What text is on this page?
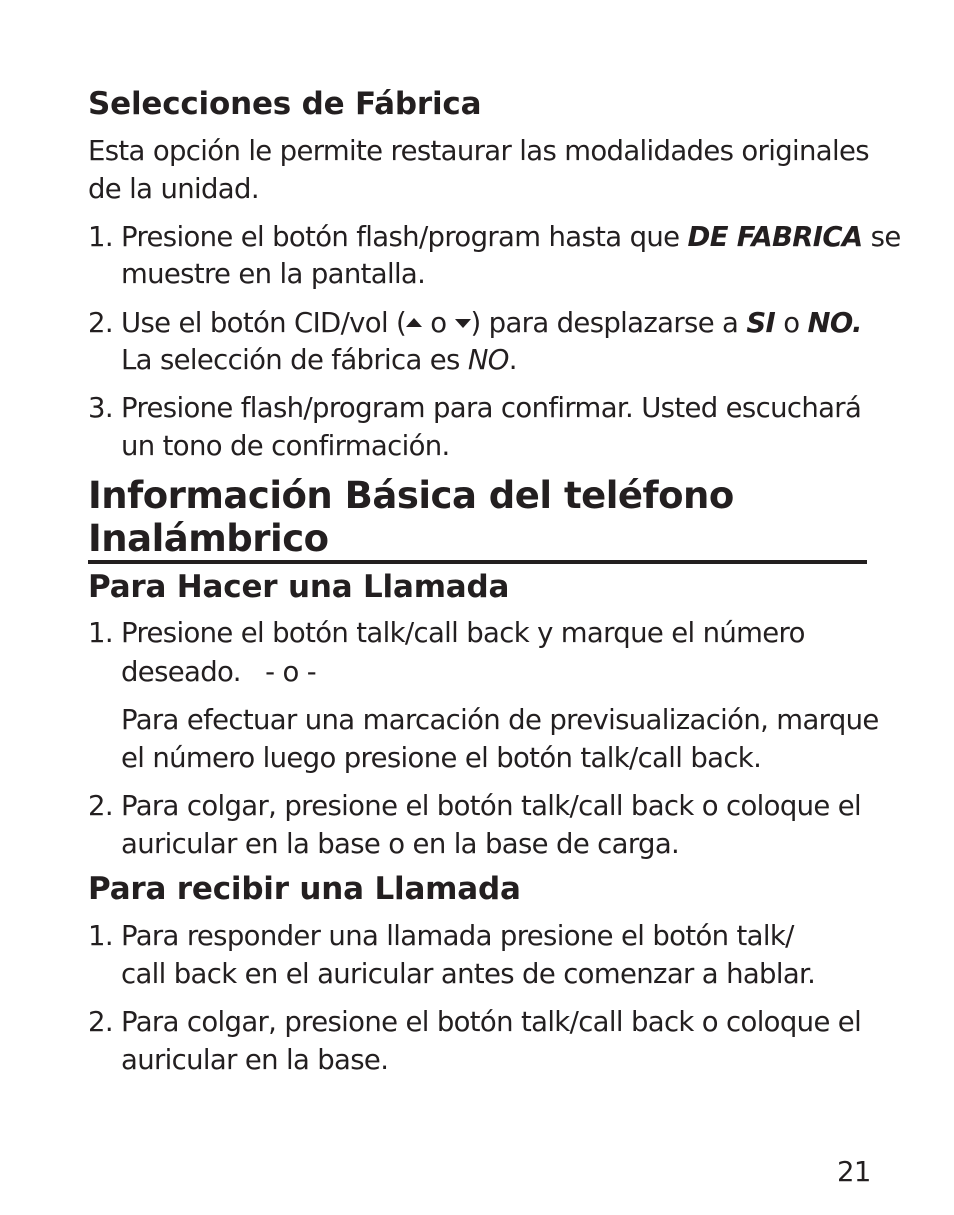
Selecciones de Fábrica
Esta opción le permite restaurar las modalidades originales
de la unidad.
1. Presione el botón flash/program hasta que DE FABRICA se
muestre en la pantalla.
2. Use el botón CID/vol ( o ) para desplazarse a SI o NO.
La selección de fábrica es NO.
3. Presione flash/program para confirmar. Usted escuchará
un tono de confirmación.
Información Básica del teléfono
Inalámbrico
Para Hacer una Llamada
1. Presione el botón talk/call back y marque el número
deseado.   - o -
Para efectuar una marcación de previsualización, marque
el número luego presione el botón talk/call back.
2. Para colgar, presione el botón talk/call back o coloque el
auricular en la base o en la base de carga.
Para recibir una Llamada
1. Para responder una llamada presione el botón talk/
call back en el auricular antes de comenzar a hablar.
2. Para colgar, presione el botón talk/call back o coloque el
auricular en la base.
21
